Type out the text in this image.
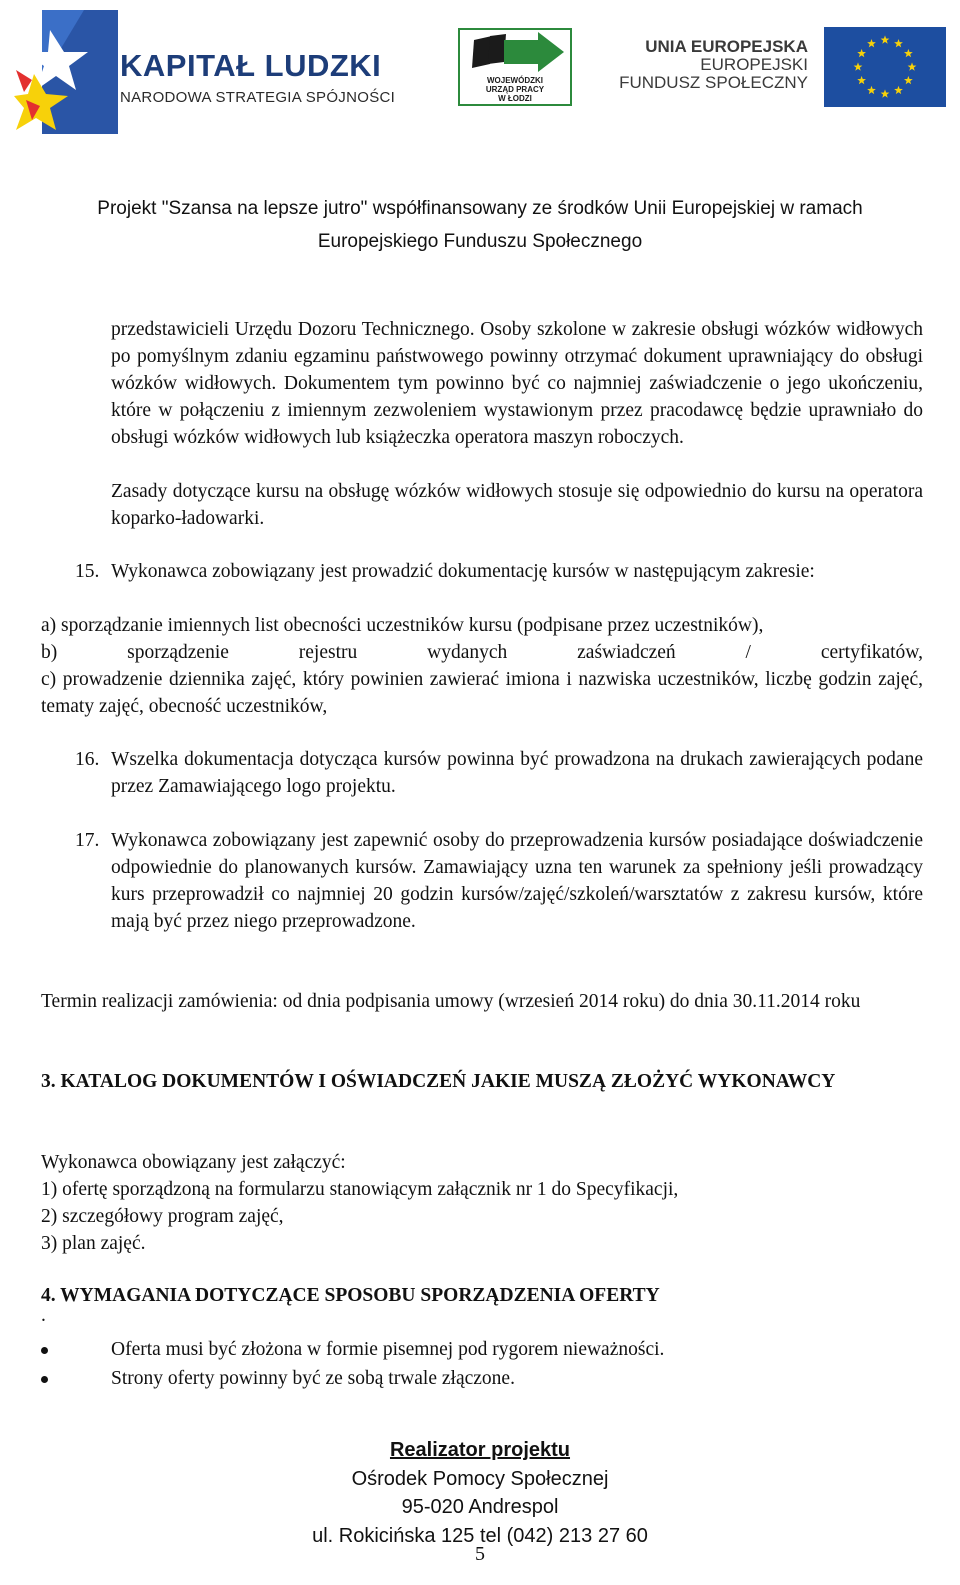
KAPITAŁ LUDZKI
NARODOWA STRATEGIA SPÓJNOŚCI
WOJEWÓDZKI
URZĄD PRACY
W ŁODZI
UNIA EUROPEJSKA
EUROPEJSKI
FUNDUSZ SPOŁECZNY
Projekt "Szansa na lepsze jutro" współfinansowany ze środków Unii Europejskiej w ramach
Europejskiego Funduszu Społecznego
przedstawicieli Urzędu Dozoru Technicznego. Osoby szkolone w zakresie obsługi wózków widłowych po pomyślnym zdaniu egzaminu państwowego powinny otrzymać dokument uprawniający do obsługi wózków widłowych. Dokumentem tym powinno być co najmniej zaświadczenie o jego ukończeniu, które w połączeniu z imiennym zezwoleniem wystawionym przez pracodawcę będzie uprawniało do obsługi wózków widłowych lub książeczka operatora maszyn roboczych.
Zasady dotyczące kursu na obsługę wózków widłowych stosuje się odpowiednio do kursu na operatora koparko-ładowarki.
15. Wykonawca zobowiązany jest prowadzić dokumentację kursów w następującym zakresie:
a) sporządzanie imiennych list obecności uczestników kursu (podpisane przez uczestników),
b) sporządzenie rejestru wydanych zaświadczeń / certyfikatów,
c) prowadzenie dziennika zajęć, który powinien zawierać imiona i nazwiska uczestników, liczbę godzin zajęć, tematy zajęć, obecność uczestników,
16. Wszelka dokumentacja dotycząca kursów powinna być prowadzona na drukach zawierających podane przez Zamawiającego logo projektu.
17. Wykonawca zobowiązany jest zapewnić osoby do przeprowadzenia kursów posiadające doświadczenie odpowiednie do planowanych kursów. Zamawiający uzna ten warunek za spełniony jeśli prowadzący kurs przeprowadził co najmniej 20 godzin kursów/zajęć/szkoleń/warsztatów z zakresu kursów, które mają być przez niego przeprowadzone.
Termin realizacji zamówienia: od dnia podpisania umowy (wrzesień 2014 roku) do dnia 30.11.2014 roku
3. KATALOG DOKUMENTÓW I OŚWIADCZEŃ JAKIE MUSZĄ ZŁOŻYĆ WYKONAWCY
Wykonawca obowiązany jest załączyć:
1) ofertę sporządzoną na formularzu stanowiącym załącznik nr 1 do Specyfikacji,
2) szczegółowy program zajęć,
3) plan zajęć.
4. WYMAGANIA DOTYCZĄCE SPOSOBU SPORZĄDZENIA OFERTY
.
Oferta musi być złożona w formie pisemnej pod rygorem nieważności.
Strony oferty powinny być ze sobą trwale złączone.
Realizator projektu
Ośrodek Pomocy Społecznej
95-020 Andrespol
ul. Rokicińska 125 tel (042) 213 27 60
5
